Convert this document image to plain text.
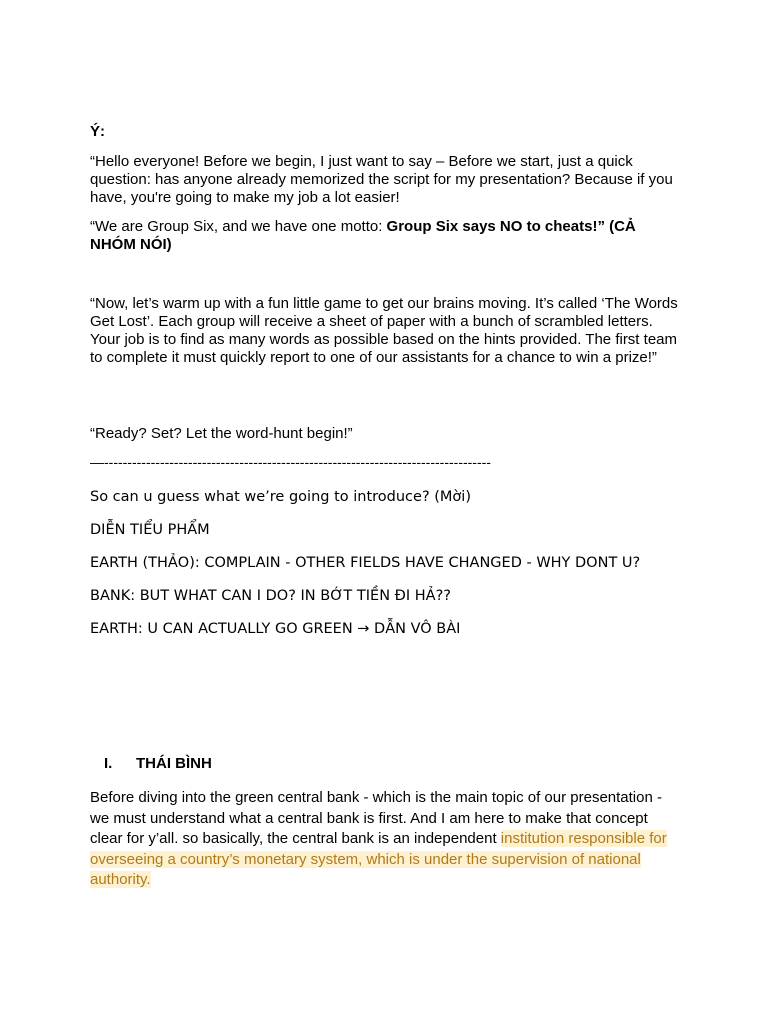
Ý:
“Hello everyone! Before we begin, I just want to say – Before we start, just a quick question: has anyone already memorized the script for my presentation? Because if you have, you're going to make my job a lot easier!
“We are Group Six, and we have one motto: Group Six says NO to cheats!” (CẢ NHÓM NÓI)
“Now, let’s warm up with a fun little game to get our brains moving. It’s called ‘The Words Get Lost’. Each group will receive a sheet of paper with a bunch of scrambled letters. Your job is to find as many words as possible based on the hints provided. The first team to complete it must quickly report to one of our assistants for a chance to win a prize!”
“Ready? Set? Let the word-hunt begin!”
—-----------------------------------------------------------------------------------
So can u guess what we’re going to introduce? (Mời)
DIỄN TIỂU PHẨM
EARTH (THẢO): COMPLAIN - OTHER FIELDS HAVE CHANGED - WHY DONT U?
BANK: BUT WHAT CAN I DO? IN BỚT TIỀN ĐI HẢ??
EARTH: U CAN ACTUALLY GO GREEN → DẪN VÔ BÀI
I.	THÁI BÌNH
Before diving into the green central bank - which is the main topic of our presentation - we must understand what a central bank is first. And I am here to make that concept clear for y’all. so basically, the central bank is an independent institution responsible for overseeing a country’s monetary system, which is under the supervision of national authority.
